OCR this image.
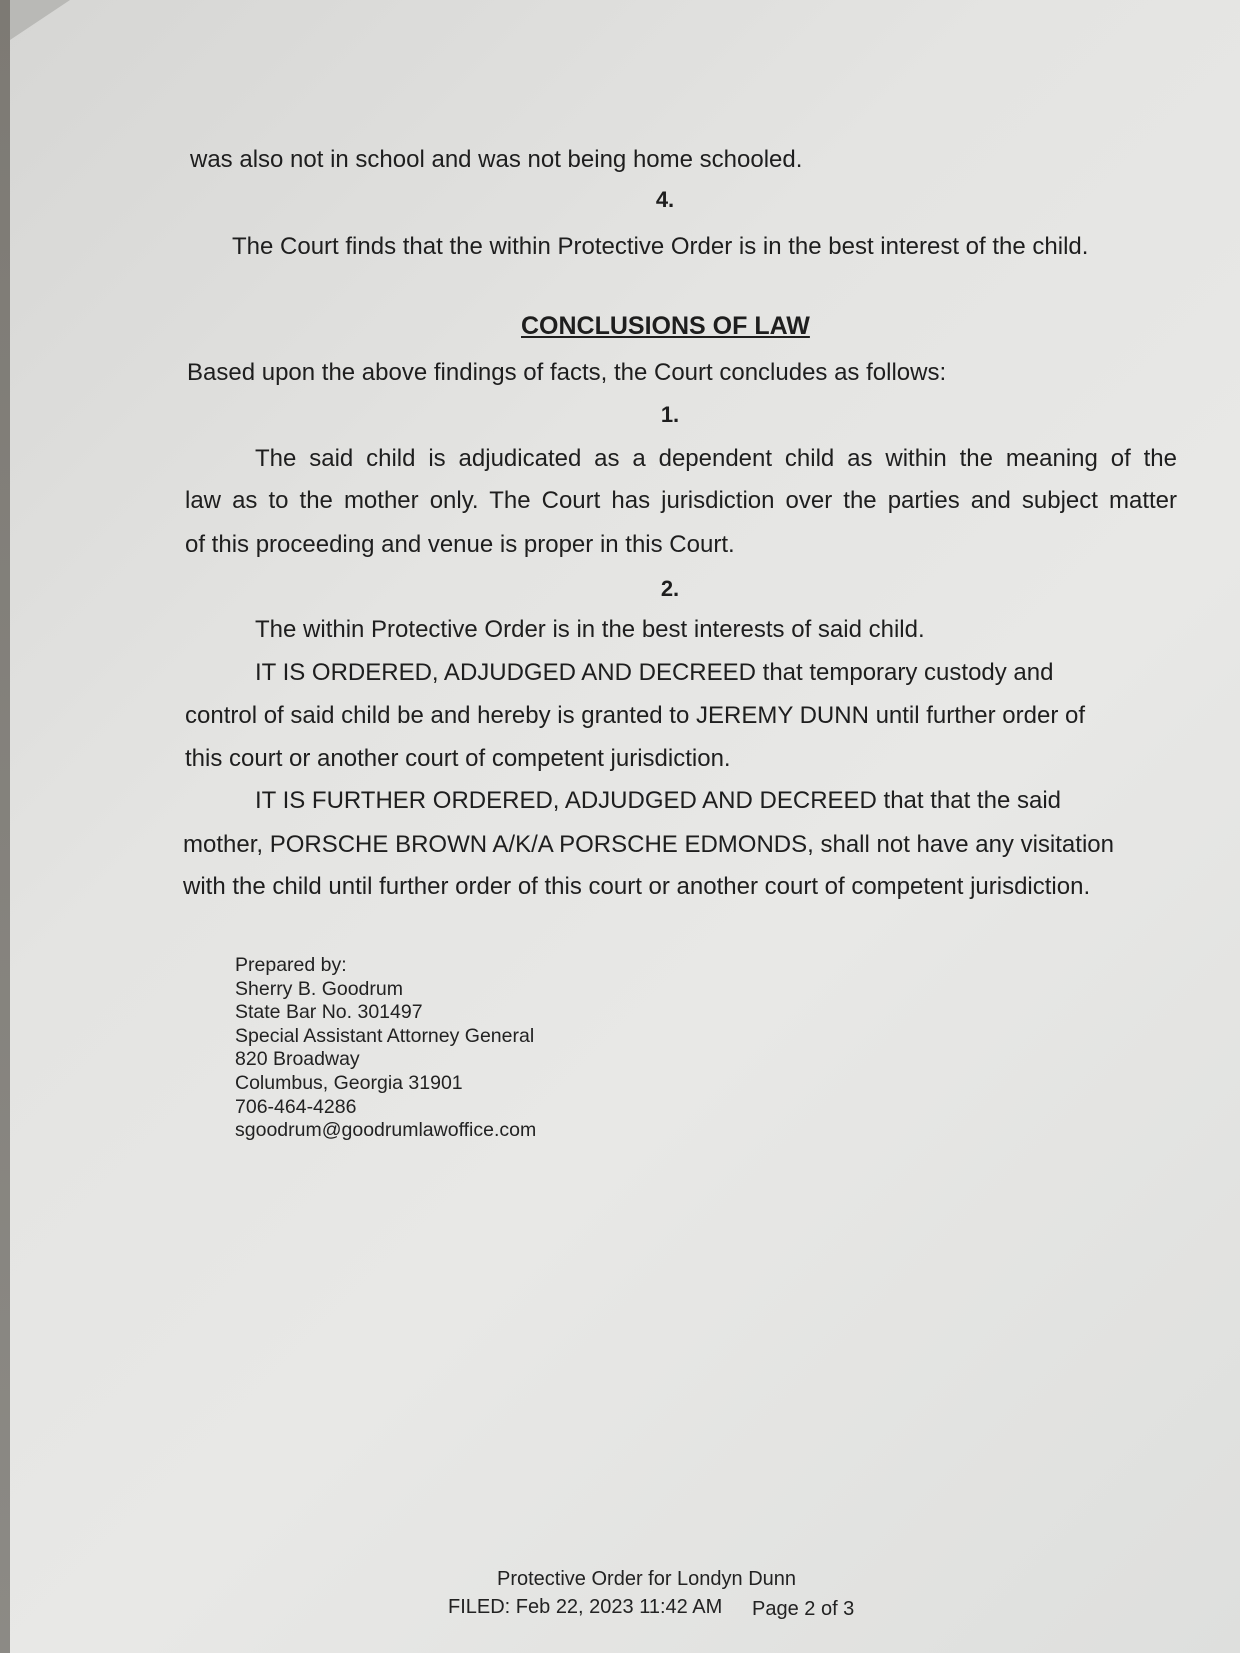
was also not in school and was not being home schooled.
4.
The Court finds that the within Protective Order is in the best interest of the child.
CONCLUSIONS OF LAW
Based upon the above findings of facts, the Court concludes as follows:
1.
The said child is adjudicated as a dependent child as within the meaning of the
law as to the mother only. The Court has jurisdiction over the parties and subject matter
of this proceeding and venue is proper in this Court.
2.
The within Protective Order is in the best interests of said child.
IT IS ORDERED, ADJUDGED AND DECREED that temporary custody and
control of said child be and hereby is granted to JEREMY DUNN until further order of
this court or another court of competent jurisdiction.
IT IS FURTHER ORDERED, ADJUDGED AND DECREED that that the said
mother, PORSCHE BROWN A/K/A PORSCHE EDMONDS, shall not have any visitation
with the child until further order of this court or another court of competent jurisdiction.
Prepared by:
Sherry B. Goodrum
State Bar No. 301497
Special Assistant Attorney General
820 Broadway
Columbus, Georgia 31901
706-464-4286
sgoodrum@goodrumlawoffice.com
Protective Order for Londyn Dunn
FILED: Feb 22, 2023 11:42 AM Page 2 of 3
